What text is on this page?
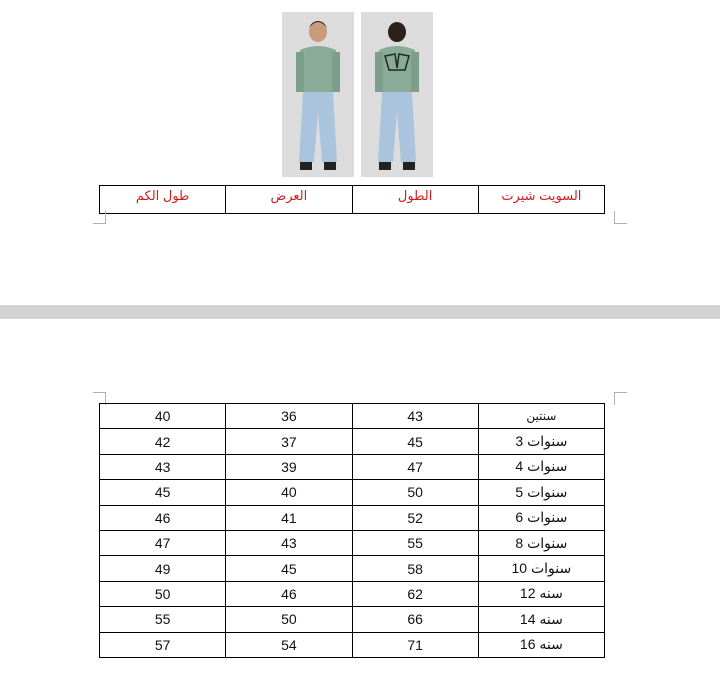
طول الكم	العرض	الطول	السويت شيرت
40	36	43	سنتين
42	37	45	3 سنوات
43	39	47	4 سنوات
45	40	50	5 سنوات
46	41	52	6 سنوات
47	43	55	8 سنوات
49	45	58	10 سنوات
50	46	62	12 سنه
55	50	66	14 سنه
57	54	71	16 سنه
